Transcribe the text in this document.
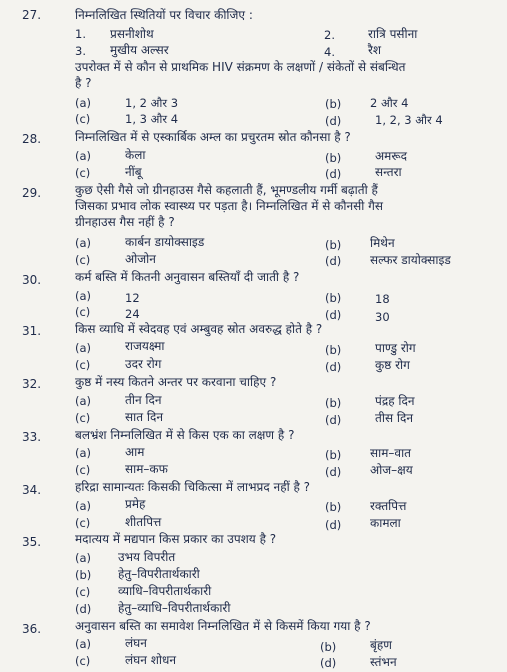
27.	निम्नलिखित स्थितियों पर विचार कीजिए :
1. प्रसनीशोथ	2.	रात्रि पसीना
3. मुखीय अल्सर	4.	रैश
उपरोक्त में से कौन से प्राथमिक HIV संक्रमण के लक्षणों / संकेतों से संबन्धित
है ?
(a)	1, 2 और 3	(b) 2 और 4
(c)	1, 3 और 4	(d)	1, 2, 3 और 4
28.	निम्नलिखित में से एस्कार्बिक अम्ल का प्रचुरतम स्रोत कौनसा है ?
(a)	केला	(b)	अमरूद
(c)	नींबू	(d)	सन्तरा
29.	कुछ ऐसी गैसे जो ग्रीनहाउस गैसे कहलाती हैं, भूमण्डलीय गर्मी बढ़ाती हैं
जिसका प्रभाव लोक स्वास्थ्य पर पड़ता है। निम्नलिखित में से कौनसी गैस
ग्रीनहाउस गैस नहीं है ?
(a)	कार्बन डायोक्साइड	(b) मिथेन
(c)	ओजोन	(d) सल्फर डायोक्साइड
30.	कर्म बस्ति में कितनी अनुवासन बस्तियाँ दी जाती है ?
(a)	12	(b)	18
(c)	24	(d)	30
31.	किस व्याधि में स्वेदवह एवं अम्बुवह स्रोत अवरुद्ध होते है ?
(a)	राजयक्ष्मा	(b)	पाण्डु रोग
(c)	उदर रोग	(d)	कुष्ठ रोग
32.	कुष्ठ में नस्य कितने अन्तर पर करवाना चाहिए ?
(a)	तीन दिन	(b)	पंद्रह दिन
(c)	सात दिन	(d)	तीस दिन
33.	बलभ्रंश निम्नलिखित में से किस एक का लक्षण है ?
(a)	आम	(b) साम–वात
(c)	साम–कफ	(d) ओज–क्षय
34.	हरिद्रा सामान्यतः किसकी चिकित्सा में लाभप्रद नहीं है ?
(a)	प्रमेह	(b) रक्तपित्त
(c)	शीतपित्त	(d) कामला
35.	मदात्यय में मद्यपान किस प्रकार का उपशय है ?
(a) उभय विपरीत
(b) हेतु–विपरीतार्थकारी
(c) व्याधि–विपरीतार्थकारी
(d) हेतु–व्याधि–विपरीतार्थकारी
36.	अनुवासन बस्ति का समावेश निम्नलिखित में से किसमें किया गया है ?
(a)	लंघन	(b)	बृंहण
(c)	लंघन शोधन	(d)	स्तंभन
